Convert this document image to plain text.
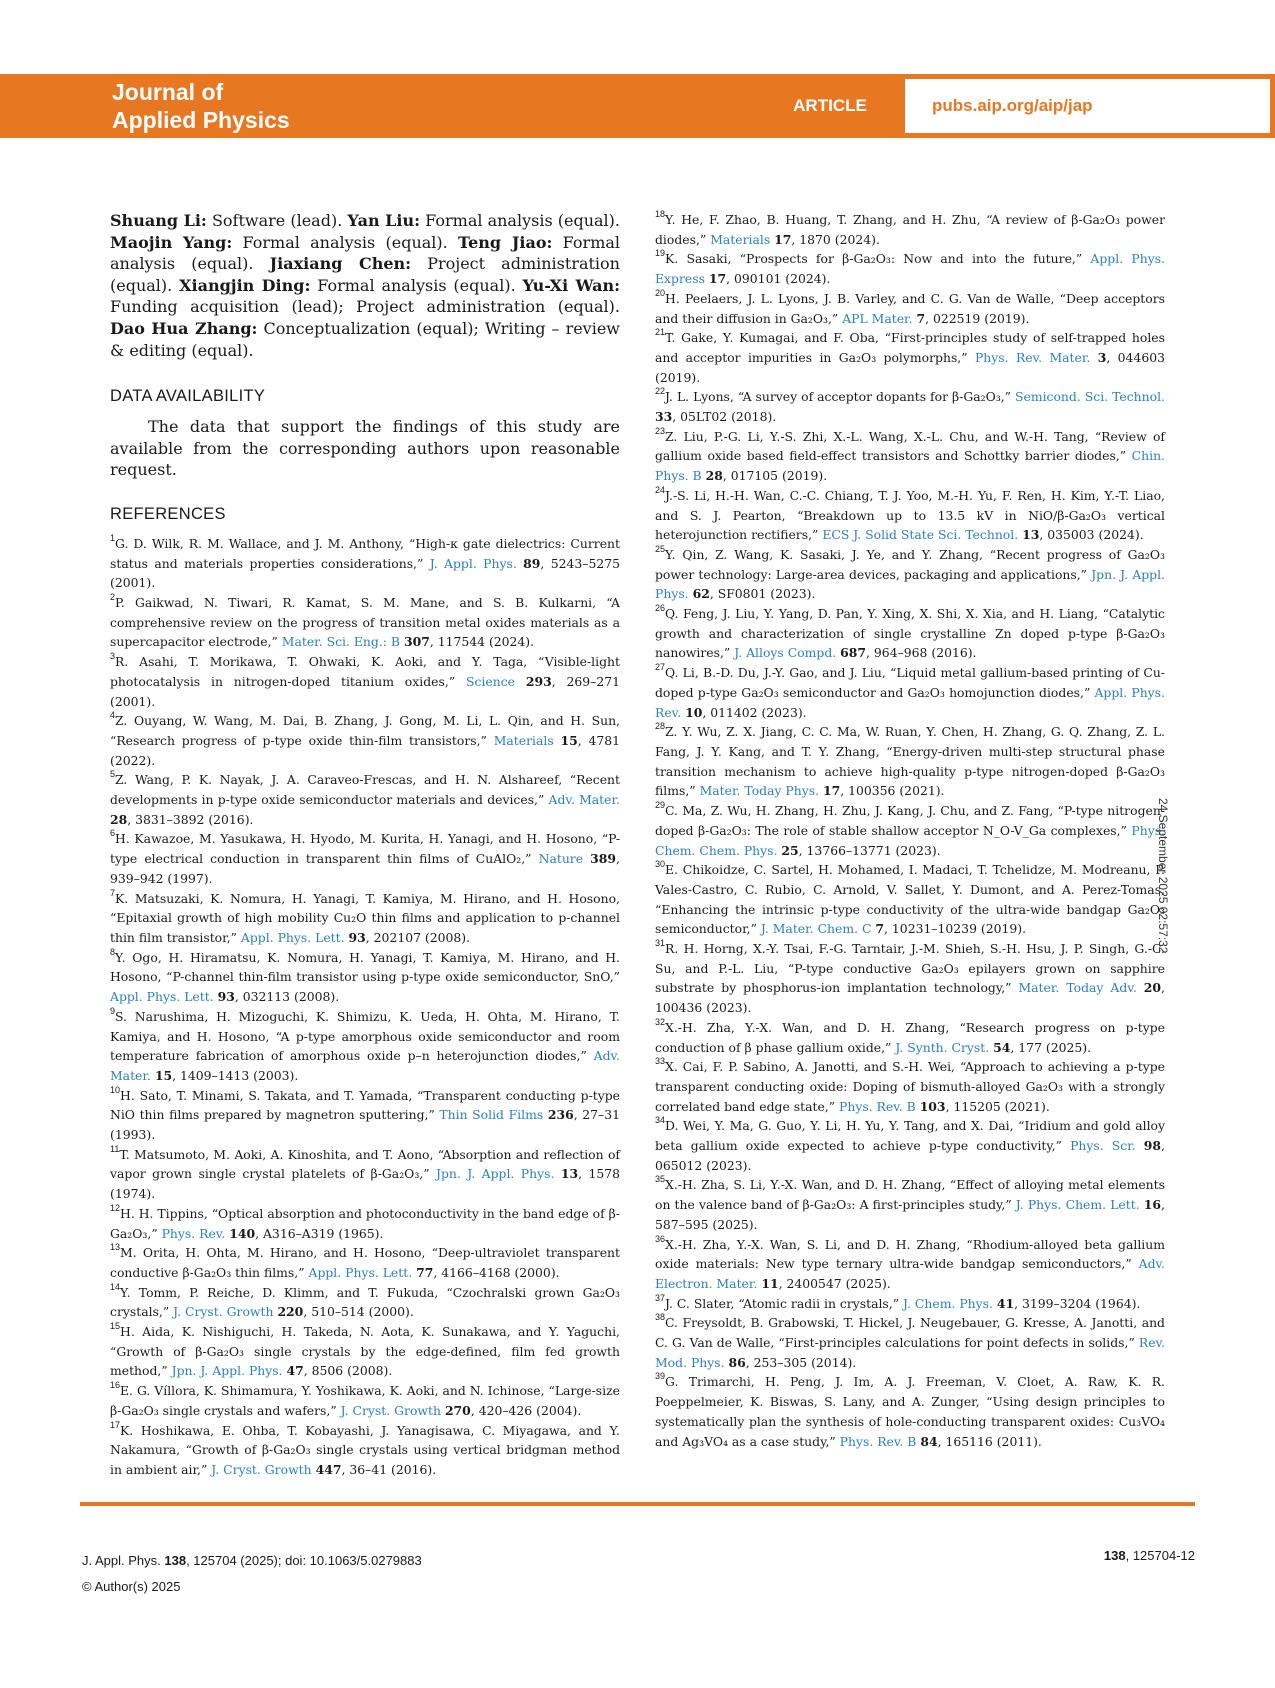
Journal of
Applied Physics
ARTICLE	pubs.aip.org/aip/jap

Shuang Li: Software (lead). Yan Liu: Formal analysis (equal). Maojin Yang: Formal analysis (equal). Teng Jiao: Formal analysis (equal). Jiaxiang Chen: Project administration (equal). Xiangjin Ding: Formal analysis (equal). Yu-Xi Wan: Funding acquisition (lead); Project administration (equal). Dao Hua Zhang: Conceptualization (equal); Writing – review & editing (equal).

DATA AVAILABILITY

The data that support the findings of this study are available from the corresponding authors upon reasonable request.

REFERENCES

$^1$G. D. Wilk, R. M. Wallace, and J. M. Anthony, “High-κ gate dielectrics: Current status and materials properties considerations,” J. Appl. Phys. 89, 5243–5275 (2001).

$^2$P. Gaikwad, N. Tiwari, R. Kamat, S. M. Mane, and S. B. Kulkarni, “A comprehensive review on the progress of transition metal oxides materials as a supercapacitor electrode,” Mater. Sci. Eng.: B 307, 117544 (2024).

$^3$R. Asahi, T. Morikawa, T. Ohwaki, K. Aoki, and Y. Taga, “Visible-light photocatalysis in nitrogen-doped titanium oxides,” Science 293, 269–271 (2001).

$^4$Z. Ouyang, W. Wang, M. Dai, B. Zhang, J. Gong, M. Li, L. Qin, and H. Sun, “Research progress of p-type oxide thin-film transistors,” Materials 15, 4781 (2022).

$^5$Z. Wang, P. K. Nayak, J. A. Caraveo-Frescas, and H. N. Alshareef, “Recent developments in p-type oxide semiconductor materials and devices,” Adv. Mater. 28, 3831–3892 (2016).

$^6$H. Kawazoe, M. Yasukawa, H. Hyodo, M. Kurita, H. Yanagi, and H. Hosono, “P-type electrical conduction in transparent thin films of CuAlO₂,” Nature 389, 939–942 (1997).

$^7$K. Matsuzaki, K. Nomura, H. Yanagi, T. Kamiya, M. Hirano, and H. Hosono, “Epitaxial growth of high mobility Cu₂O thin films and application to p-channel thin film transistor,” Appl. Phys. Lett. 93, 202107 (2008).

$^8$Y. Ogo, H. Hiramatsu, K. Nomura, H. Yanagi, T. Kamiya, M. Hirano, and H. Hosono, “P-channel thin-film transistor using p-type oxide semiconductor, SnO,” Appl. Phys. Lett. 93, 032113 (2008).

$^9$S. Narushima, H. Mizoguchi, K. Shimizu, K. Ueda, H. Ohta, M. Hirano, T. Kamiya, and H. Hosono, “A p-type amorphous oxide semiconductor and room temperature fabrication of amorphous oxide p–n heterojunction diodes,” Adv. Mater. 15, 1409–1413 (2003).

$^{10}$H. Sato, T. Minami, S. Takata, and T. Yamada, “Transparent conducting p-type NiO thin films prepared by magnetron sputtering,” Thin Solid Films 236, 27–31 (1993).

$^{11}$T. Matsumoto, M. Aoki, A. Kinoshita, and T. Aono, “Absorption and reflection of vapor grown single crystal platelets of β-Ga₂O₃,” Jpn. J. Appl. Phys. 13, 1578 (1974).

$^{12}$H. H. Tippins, “Optical absorption and photoconductivity in the band edge of β-Ga₂O₃,” Phys. Rev. 140, A316–A319 (1965).

$^{13}$M. Orita, H. Ohta, M. Hirano, and H. Hosono, “Deep-ultraviolet transparent conductive β-Ga₂O₃ thin films,” Appl. Phys. Lett. 77, 4166–4168 (2000).

$^{14}$Y. Tomm, P. Reiche, D. Klimm, and T. Fukuda, “Czochralski grown Ga₂O₃ crystals,” J. Cryst. Growth 220, 510–514 (2000).

$^{15}$H. Aida, K. Nishiguchi, H. Takeda, N. Aota, K. Sunakawa, and Y. Yaguchi, “Growth of β-Ga₂O₃ single crystals by the edge-defined, film fed growth method,” Jpn. J. Appl. Phys. 47, 8506 (2008).

$^{16}$E. G. Víllora, K. Shimamura, Y. Yoshikawa, K. Aoki, and N. Ichinose, “Large-size β-Ga₂O₃ single crystals and wafers,” J. Cryst. Growth 270, 420–426 (2004).

$^{17}$K. Hoshikawa, E. Ohba, T. Kobayashi, J. Yanagisawa, C. Miyagawa, and Y. Nakamura, “Growth of β-Ga₂O₃ single crystals using vertical bridgman method in ambient air,” J. Cryst. Growth 447, 36–41 (2016).

$^{18}$Y. He, F. Zhao, B. Huang, T. Zhang, and H. Zhu, “A review of β-Ga₂O₃ power diodes,” Materials 17, 1870 (2024).

$^{19}$K. Sasaki, “Prospects for β-Ga₂O₃: Now and into the future,” Appl. Phys. Express 17, 090101 (2024).

$^{20}$H. Peelaers, J. L. Lyons, J. B. Varley, and C. G. Van de Walle, “Deep acceptors and their diffusion in Ga₂O₃,” APL Mater. 7, 022519 (2019).

$^{21}$T. Gake, Y. Kumagai, and F. Oba, “First-principles study of self-trapped holes and acceptor impurities in Ga₂O₃ polymorphs,” Phys. Rev. Mater. 3, 044603 (2019).

$^{22}$J. L. Lyons, “A survey of acceptor dopants for β-Ga₂O₃,” Semicond. Sci. Technol. 33, 05LT02 (2018).

$^{23}$Z. Liu, P.-G. Li, Y.-S. Zhi, X.-L. Wang, X.-L. Chu, and W.-H. Tang, “Review of gallium oxide based field-effect transistors and Schottky barrier diodes,” Chin. Phys. B 28, 017105 (2019).

$^{24}$J.-S. Li, H.-H. Wan, C.-C. Chiang, T. J. Yoo, M.-H. Yu, F. Ren, H. Kim, Y.-T. Liao, and S. J. Pearton, “Breakdown up to 13.5 kV in NiO/β-Ga₂O₃ vertical heterojunction rectifiers,” ECS J. Solid State Sci. Technol. 13, 035003 (2024).

$^{25}$Y. Qin, Z. Wang, K. Sasaki, J. Ye, and Y. Zhang, “Recent progress of Ga₂O₃ power technology: Large-area devices, packaging and applications,” Jpn. J. Appl. Phys. 62, SF0801 (2023).

$^{26}$Q. Feng, J. Liu, Y. Yang, D. Pan, Y. Xing, X. Shi, X. Xia, and H. Liang, “Catalytic growth and characterization of single crystalline Zn doped p-type β-Ga₂O₃ nanowires,” J. Alloys Compd. 687, 964–968 (2016).

$^{27}$Q. Li, B.-D. Du, J.-Y. Gao, and J. Liu, “Liquid metal gallium-based printing of Cu-doped p-type Ga₂O₃ semiconductor and Ga₂O₃ homojunction diodes,” Appl. Phys. Rev. 10, 011402 (2023).

$^{28}$Z. Y. Wu, Z. X. Jiang, C. C. Ma, W. Ruan, Y. Chen, H. Zhang, G. Q. Zhang, Z. L. Fang, J. Y. Kang, and T. Y. Zhang, “Energy-driven multi-step structural phase transition mechanism to achieve high-quality p-type nitrogen-doped β-Ga₂O₃ films,” Mater. Today Phys. 17, 100356 (2021).

$^{29}$C. Ma, Z. Wu, H. Zhang, H. Zhu, J. Kang, J. Chu, and Z. Fang, “P-type nitrogen-doped β-Ga₂O₃: The role of stable shallow acceptor N_O-V_Ga complexes,” Phys. Chem. Chem. Phys. 25, 13766–13771 (2023).

$^{30}$E. Chikoidze, C. Sartel, H. Mohamed, I. Madaci, T. Tchelidze, M. Modreanu, P. Vales-Castro, C. Rubio, C. Arnold, V. Sallet, Y. Dumont, and A. Perez-Tomas, “Enhancing the intrinsic p-type conductivity of the ultra-wide bandgap Ga₂O₃ semiconductor,” J. Mater. Chem. C 7, 10231–10239 (2019).

$^{31}$R. H. Horng, X.-Y. Tsai, F.-G. Tarntair, J.-M. Shieh, S.-H. Hsu, J. P. Singh, G.-C. Su, and P.-L. Liu, “P-type conductive Ga₂O₃ epilayers grown on sapphire substrate by phosphorus-ion implantation technology,” Mater. Today Adv. 20, 100436 (2023).

$^{32}$X.-H. Zha, Y.-X. Wan, and D. H. Zhang, “Research progress on p-type conduction of β phase gallium oxide,” J. Synth. Cryst. 54, 177 (2025).

$^{33}$X. Cai, F. P. Sabino, A. Janotti, and S.-H. Wei, “Approach to achieving a p-type transparent conducting oxide: Doping of bismuth-alloyed Ga₂O₃ with a strongly correlated band edge state,” Phys. Rev. B 103, 115205 (2021).

$^{34}$D. Wei, Y. Ma, G. Guo, Y. Li, H. Yu, Y. Tang, and X. Dai, “Iridium and gold alloy beta gallium oxide expected to achieve p-type conductivity,” Phys. Scr. 98, 065012 (2023).

$^{35}$X.-H. Zha, S. Li, Y.-X. Wan, and D. H. Zhang, “Effect of alloying metal elements on the valence band of β-Ga₂O₃: A first-principles study,” J. Phys. Chem. Lett. 16, 587–595 (2025).

$^{36}$X.-H. Zha, Y.-X. Wan, S. Li, and D. H. Zhang, “Rhodium-alloyed beta gallium oxide materials: New type ternary ultra-wide bandgap semiconductors,” Adv. Electron. Mater. 11, 2400547 (2025).

$^{37}$J. C. Slater, “Atomic radii in crystals,” J. Chem. Phys. 41, 3199–3204 (1964).

$^{38}$C. Freysoldt, B. Grabowski, T. Hickel, J. Neugebauer, G. Kresse, A. Janotti, and C. G. Van de Walle, “First-principles calculations for point defects in solids,” Rev. Mod. Phys. 86, 253–305 (2014).

$^{39}$G. Trimarchi, H. Peng, J. Im, A. J. Freeman, V. Cloet, A. Raw, K. R. Poeppelmeier, K. Biswas, S. Lany, and A. Zunger, “Using design principles to systematically plan the synthesis of hole-conducting transparent oxides: Cu₃VO₄ and Ag₃VO₄ as a case study,” Phys. Rev. B 84, 165116 (2011).

24 September 2025 02:57:32
J. Appl. Phys. 138, 125704 (2025); doi: 10.1063/5.0279883
© Author(s) 2025
138, 125704-12
